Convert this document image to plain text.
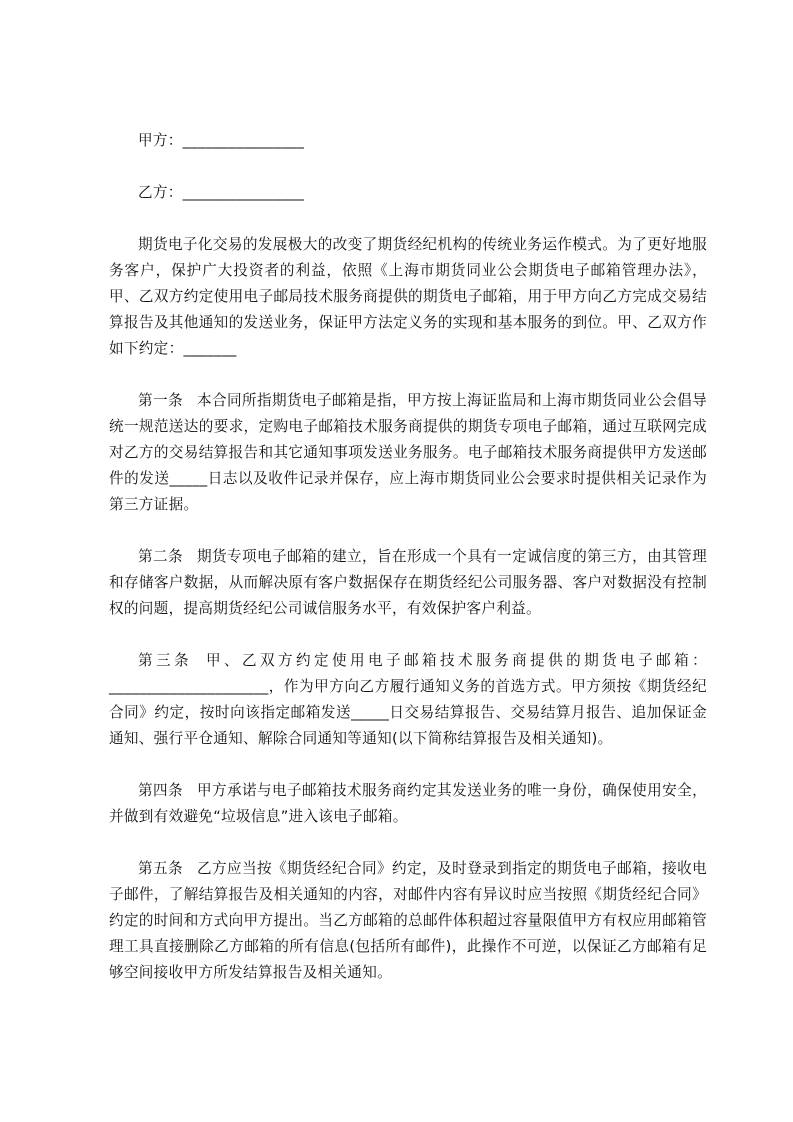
甲方：________________

乙方：________________

期货电子化交易的发展极大的改变了期货经纪机构的传统业务运作模式。为了更好地服务客户，保护广大投资者的利益，依照《上海市期货同业公会期货电子邮箱管理办法》，甲、乙双方约定使用电子邮局技术服务商提供的期货电子邮箱，用于甲方向乙方完成交易结算报告及其他通知的发送业务，保证甲方法定义务的实现和基本服务的到位。甲、乙双方作如下约定：_______

第一条 本合同所指期货电子邮箱是指，甲方按上海证监局和上海市期货同业公会倡导统一规范送达的要求，定购电子邮箱技术服务商提供的期货专项电子邮箱，通过互联网完成对乙方的交易结算报告和其它通知事项发送业务服务。电子邮箱技术服务商提供甲方发送邮件的发送_____日志以及收件记录并保存，应上海市期货同业公会要求时提供相关记录作为第三方证据。

第二条 期货专项电子邮箱的建立，旨在形成一个具有一定诚信度的第三方，由其管理和存储客户数据，从而解决原有客户数据保存在期货经纪公司服务器、客户对数据没有控制权的问题，提高期货经纪公司诚信服务水平，有效保护客户利益。

第三条 甲、乙双方约定使用电子邮箱技术服务商提供的期货电子邮箱：_____________________，作为甲方向乙方履行通知义务的首选方式。甲方须按《期货经纪合同》约定，按时向该指定邮箱发送_____日交易结算报告、交易结算月报告、追加保证金通知、强行平仓通知、解除合同通知等通知(以下简称结算报告及相关通知)。

第四条 甲方承诺与电子邮箱技术服务商约定其发送业务的唯一身份，确保使用安全，并做到有效避免“垃圾信息”进入该电子邮箱。

第五条 乙方应当按《期货经纪合同》约定，及时登录到指定的期货电子邮箱，接收电子邮件，了解结算报告及相关通知的内容，对邮件内容有异议时应当按照《期货经纪合同》约定的时间和方式向甲方提出。当乙方邮箱的总邮件体积超过容量限值甲方有权应用邮箱管理工具直接删除乙方邮箱的所有信息(包括所有邮件)，此操作不可逆，以保证乙方邮箱有足够空间接收甲方所发结算报告及相关通知。
